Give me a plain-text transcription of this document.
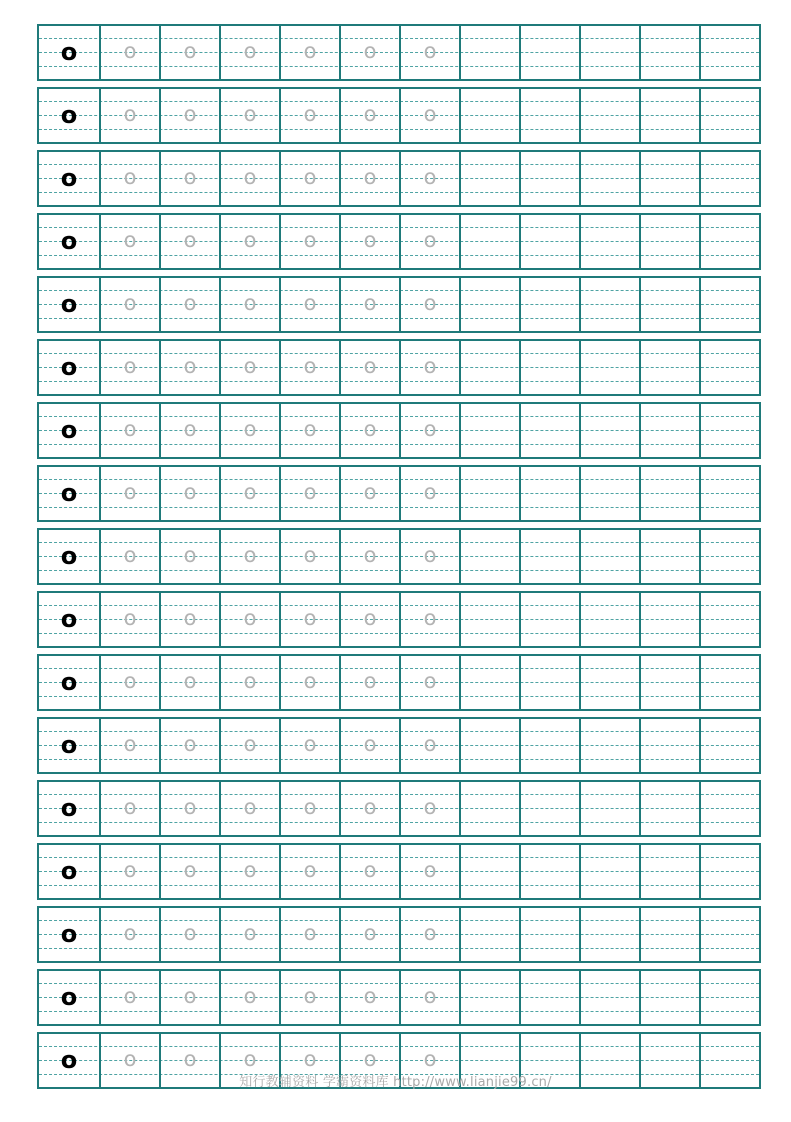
o o o o o o o
o o o o o o o
o o o o o o o
o o o o o o o
o o o o o o o
o o o o o o o
o o o o o o o
o o o o o o o
o o o o o o o
o o o o o o o
o o o o o o o
o o o o o o o
o o o o o o o
o o o o o o o
o o o o o o o
o o o o o o o
o o o o o o o
知行教辅资料 学霸资料库 http://www.lianjie99.cn/
